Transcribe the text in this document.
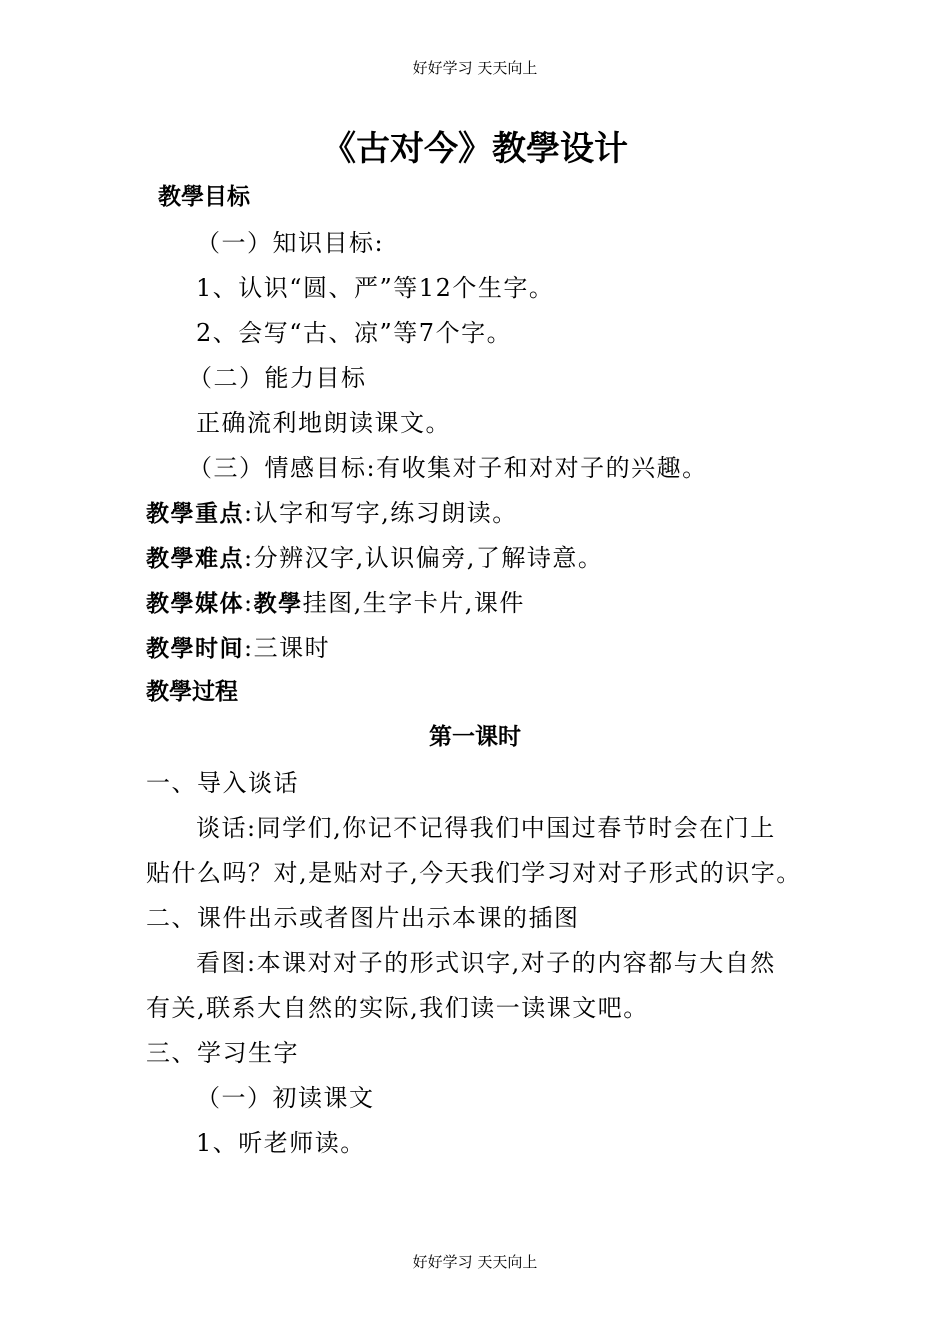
好好学习 天天向上
《古对今》教學设计
教學目标
（一）知识目标:
1、认识“圆、严”等12个生字。
2、会写“古、凉”等7个字。
（二）能力目标
正确流利地朗读课文。
（三）情感目标:有收集对子和对对子的兴趣。
教學重点:认字和写字,练习朗读。
教學难点:分辨汉字,认识偏旁,了解诗意。
教學媒体:教學挂图,生字卡片,课件
教學时间:三课时
教學过程
第一课时
一、导入谈话
谈话:同学们,你记不记得我们中国过春节时会在门上
贴什么吗？对,是贴对子,今天我们学习对对子形式的识字。
二、课件出示或者图片出示本课的插图
看图:本课对对子的形式识字,对子的内容都与大自然
有关,联系大自然的实际,我们读一读课文吧。
三、学习生字
（一）初读课文
1、听老师读。
好好学习 天天向上
